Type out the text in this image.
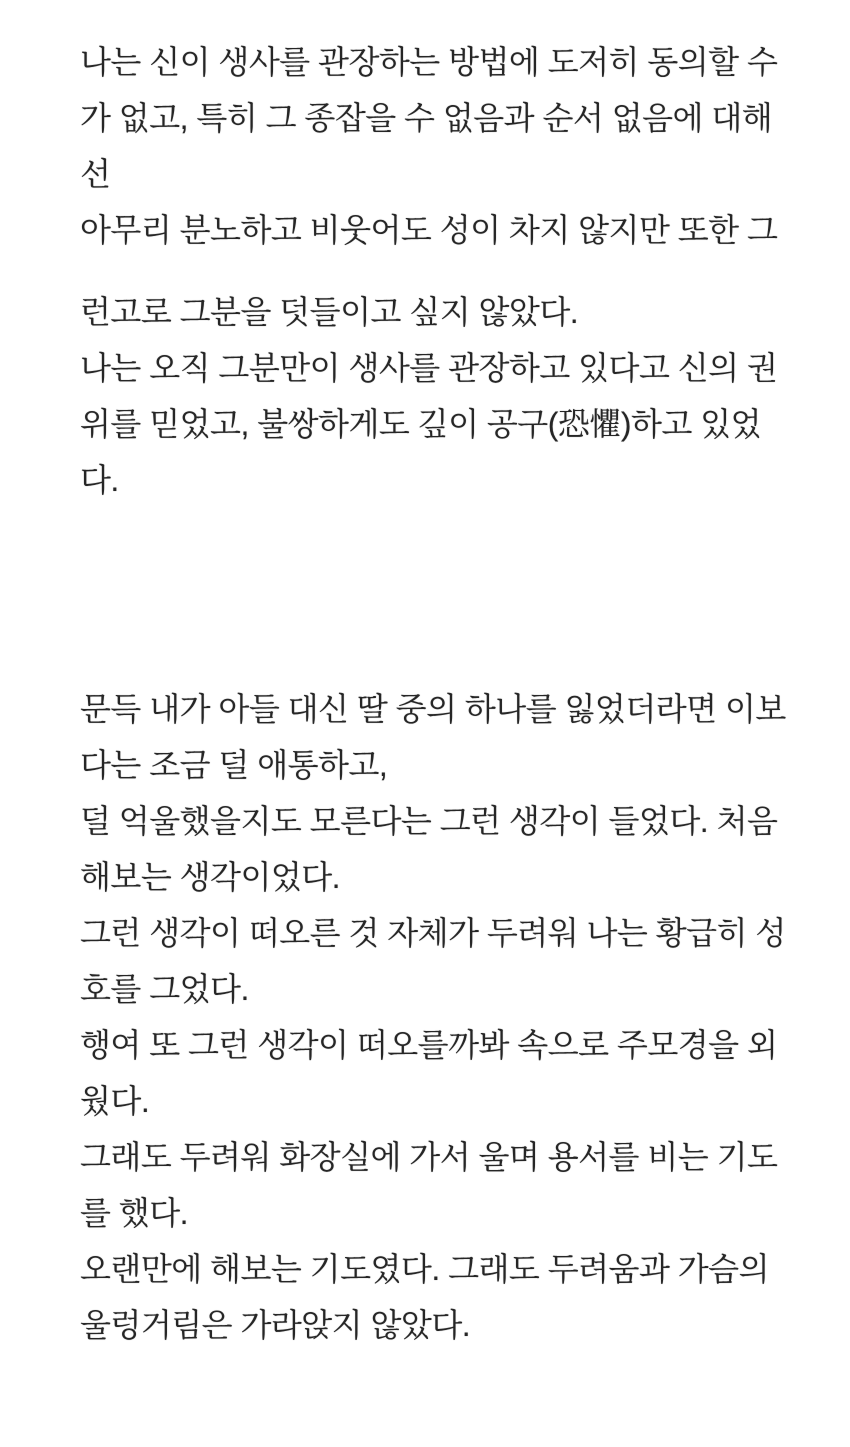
나는 신이 생사를 관장하는 방법에 도저히 동의할 수
가 없고, 특히 그 종잡을 수 없음과 순서 없음에 대해
선
아무리 분노하고 비웃어도 성이 차지 않지만 또한 그
런고로 그분을 덧들이고 싶지 않았다.
나는 오직 그분만이 생사를 관장하고 있다고 신의 권
위를 믿었고, 불쌍하게도 깊이 공구(恐懼)하고 있었
다.
문득 내가 아들 대신 딸 중의 하나를 잃었더라면 이보
다는 조금 덜 애통하고,
덜 억울했을지도 모른다는 그런 생각이 들었다. 처음
해보는 생각이었다.
그런 생각이 떠오른 것 자체가 두려워 나는 황급히 성
호를 그었다.
행여 또 그런 생각이 떠오를까봐 속으로 주모경을 외
웠다.
그래도 두려워 화장실에 가서 울며 용서를 비는 기도
를 했다.
오랜만에 해보는 기도였다. 그래도 두려움과 가슴의
울렁거림은 가라앉지 않았다.
